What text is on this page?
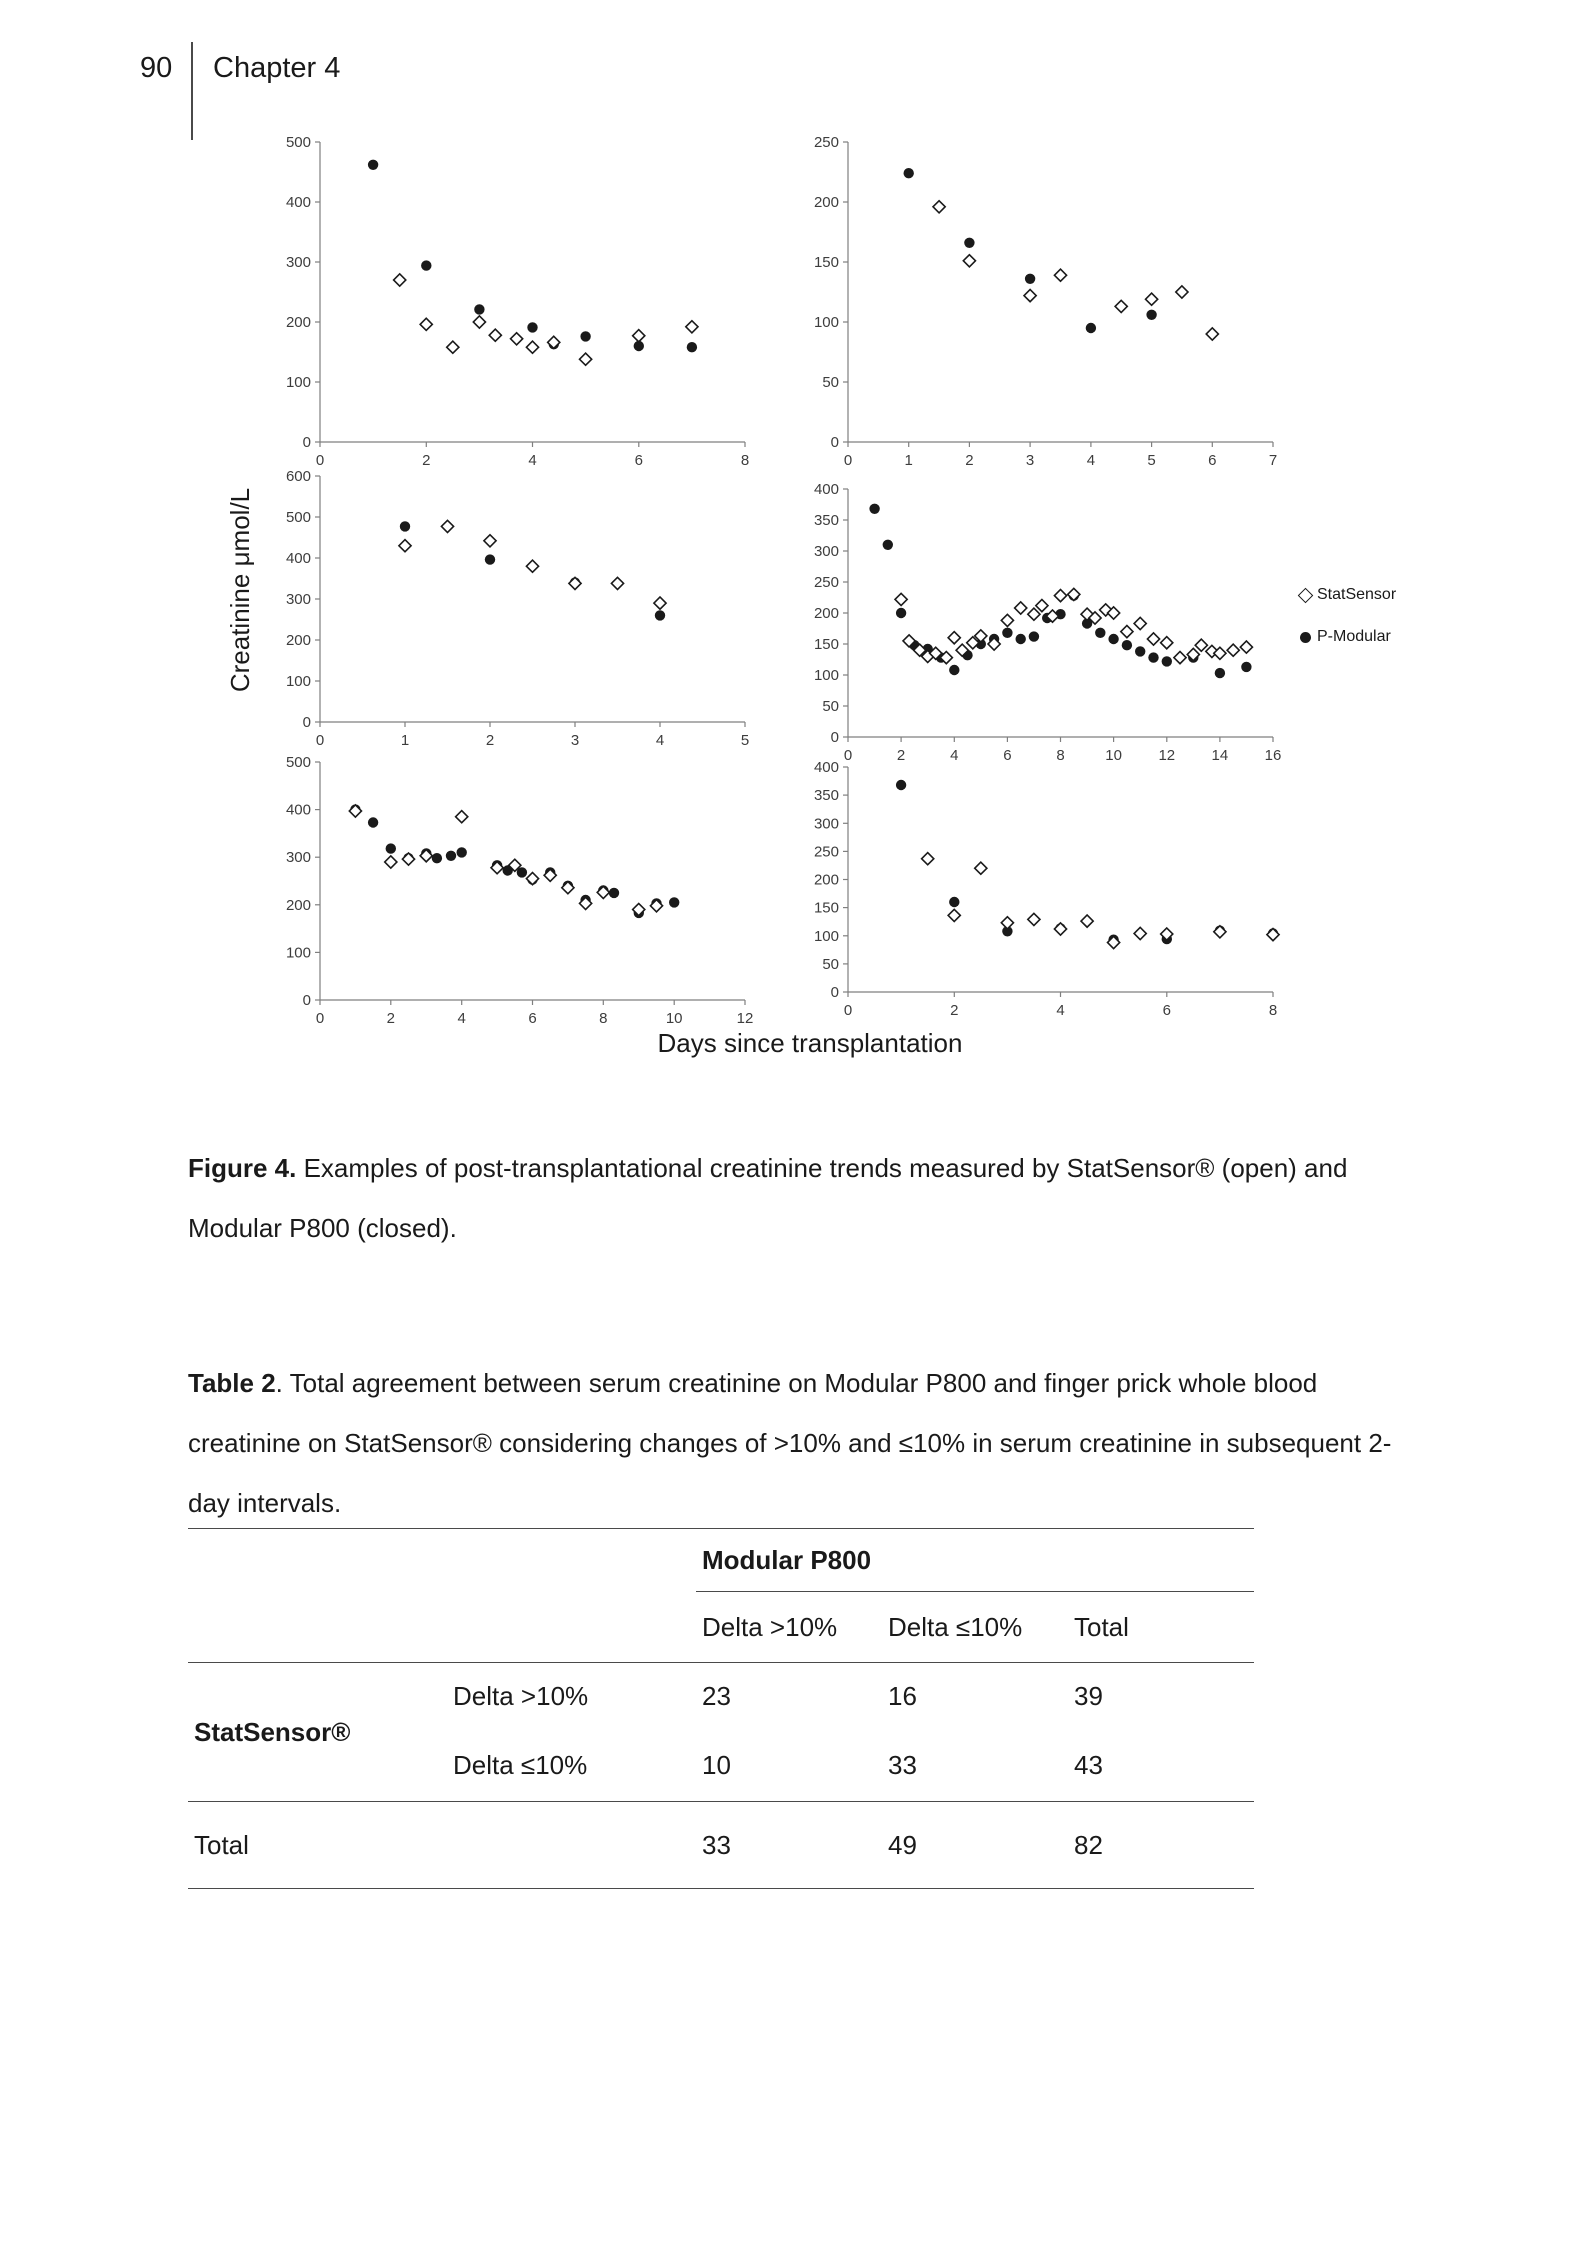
90 Chapter 4
0
100
200
300
400
500
0	2	4	6	8
0
50
100
150
200
250
0	1	2	3	4	5	6	7
0
100
200
300
400
500
600
0	1	2	3	4	5	0
50
100
150
200
250
300
350
400
0	2	4	6	8	10 12 14 16
0
100
200
300
400
500
0	2	4	6	8	10	12
0
50
100
150
200
250
300
350
400
0	2	4	6	8
Creatinine μmol/L
Days since transplantation
StatSensor
P-Modular

Figure 4. Examples of post-transplantational creatinine trends measured by StatSensor® (open) and Modular P800 (closed).

Table 2. Total agreement between serum creatinine on Modular P800 and finger prick whole blood creatinine on StatSensor® considering changes of >10% and ≤10% in serum creatinine in subsequent 2-day intervals.

		Modular P800		
		Delta >10%	Delta ≤10%	Total
StatSensor®	Delta >10%	23	16	39
	Delta ≤10%	10	33	43
Total		33	49	82
